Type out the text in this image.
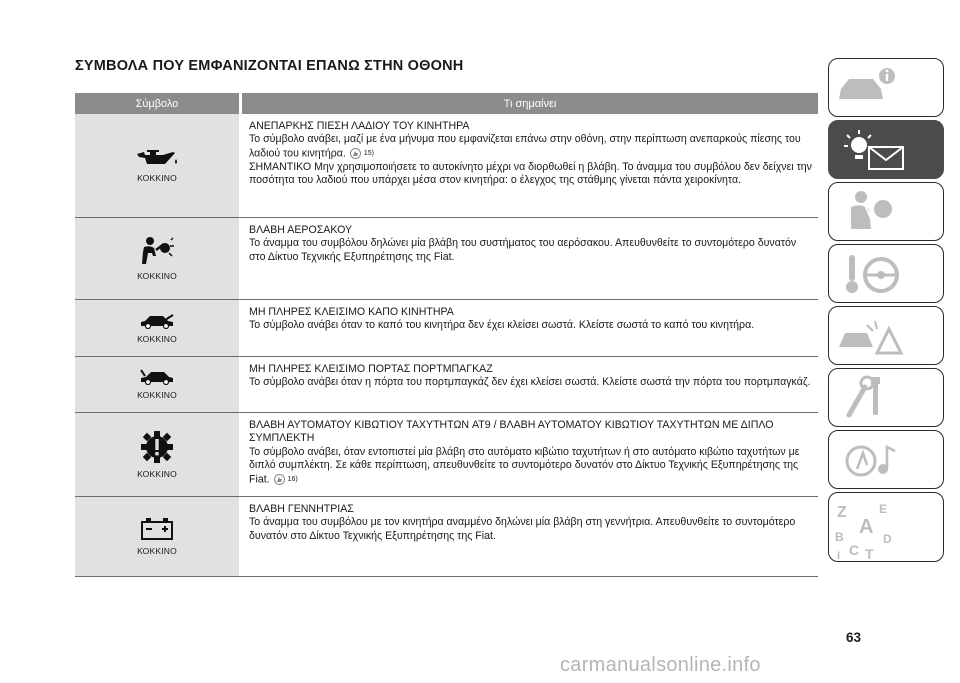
ΣΥΜΒΟΛΑ ΠΟΥ ΕΜΦΑΝΙΖΟΝΤΑΙ ΕΠΑΝΩ ΣΤΗΝ ΟΘΟΝΗ
Σύμβολο	Τι σημαίνει
ΚΟΚΚΙΝΟ
ΑΝΕΠΑΡΚΗΣ ΠΙΕΣΗ ΛΑΔΙΟΥ ΤΟΥ ΚΙΝΗΤΗΡΑ
Το σύμβολο ανάβει, μαζί με ένα μήνυμα που εμφανίζεται επάνω στην οθόνη, στην περίπτωση ανεπαρκούς πίεσης του λαδιού του κινητήρα.	15)
ΣΗΜΑΝΤΙΚΟ Μην χρησιμοποιήσετε το αυτοκίνητο μέχρι να διορθωθεί η βλάβη. Το άναμμα του συμβόλου δεν δείχνει την ποσότητα του λαδιού που υπάρχει μέσα στον κινητήρα: ο έλεγχος της στάθμης γίνεται πάντα χειροκίνητα.
ΚΟΚΚΙΝΟ
ΒΛΑΒΗ ΑΕΡΟΣΑΚΟΥ
Το άναμμα του συμβόλου δηλώνει μία βλάβη του συστήματος του αερόσακου. Απευθυνθείτε το συντομότερο δυνατόν στο Δίκτυο Τεχνικής Εξυπηρέτησης της Fiat.
ΚΟΚΚΙΝΟ
ΜΗ ΠΛΗΡΕΣ ΚΛΕΙΣΙΜΟ ΚΑΠΟ ΚΙΝΗΤΗΡΑ
Το σύμβολο ανάβει όταν το καπό του κινητήρα δεν έχει κλείσει σωστά. Κλείστε σωστά το καπό του κινητήρα.
ΚΟΚΚΙΝΟ
ΜΗ ΠΛΗΡΕΣ ΚΛΕΙΣΙΜΟ ΠΟΡΤΑΣ ΠΟΡΤΜΠΑΓΚΑΖ
Το σύμβολο ανάβει όταν η πόρτα του πορτμπαγκάζ δεν έχει κλείσει σωστά. Κλείστε σωστά την πόρτα του πορτμπαγκάζ.
ΚΟΚΚΙΝΟ
ΒΛΑΒΗ ΑΥΤΟΜΑΤΟΥ ΚΙΒΩΤΙΟΥ ΤΑΧΥΤΗΤΩΝ AT9 / ΒΛΑΒΗ ΑΥΤΟΜΑΤΟΥ ΚΙΒΩΤΙΟΥ ΤΑΧΥΤΗΤΩΝ ΜΕ ΔΙΠΛΟ ΣΥΜΠΛΕΚΤΗ
Το σύμβολο ανάβει, όταν εντοπιστεί μία βλάβη στο αυτόματο κιβώτιο ταχυτήτων ή στο αυτόματο κιβώτιο ταχυτήτων με διπλό συμπλέκτη. Σε κάθε περίπτωση, απευθυνθείτε το συντομότερο δυνατόν στο Δίκτυο Τεχνικής Εξυπηρέτησης της Fiat.	16)
ΚΟΚΚΙΝΟ
ΒΛΑΒΗ ΓΕΝΝΗΤΡΙΑΣ
Το άναμμα του συμβόλου με τον κινητήρα αναμμένο δηλώνει μία βλάβη στη γεννήτρια. Απευθυνθείτε το συντομότερο δυνατόν στο Δίκτυο Τεχνικής Εξυπηρέτησης της Fiat.
Z	E
A
B
C
D
I T
63
carmanualsonline.info
